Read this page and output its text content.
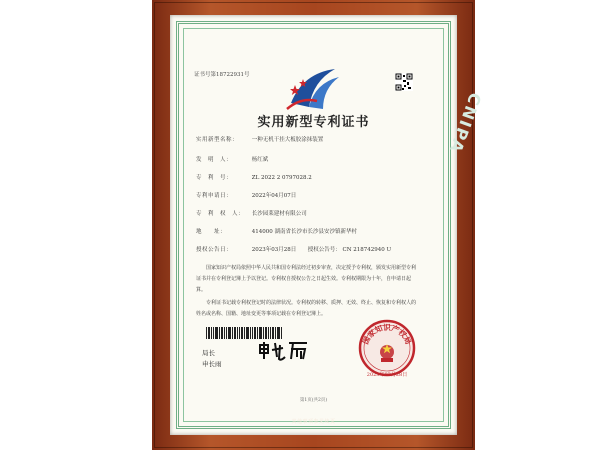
CNIPA
证书号第18722931号
实用新型专利证书
实用新型名称： 一种无机干挂大板胶涂抹装置
发　明　人：	杨红斌
专　利　号：	ZL 2022 2 0797028.2
专利申请日：	2022年04月07日
专　利　权　人： 长沙园莱建材有限公司
地　　址：	414000 湖南省长沙市长沙县安沙镇新华村
授权公告日：	2023年03月28日 授权公告号： CN 218742940 U
国家知识产权局依照中华人民共和国专利法经过初步审查，决定授予专利权，颁发实用新型专利证书并在专利登记簿上予以登记。专利权自授权公告之日起生效。专利权期限为十年，自申请日起算。
专利证书记载专利权登记时的法律状况。专利权的转移、质押、无效、终止、恢复和专利权人的姓名或名称、国籍、地址变更等事项记载在专利登记簿上。
局长
申长雨
国家知识产权局
2023年03月28日
第1页(共2页)
其他事项参见续页
